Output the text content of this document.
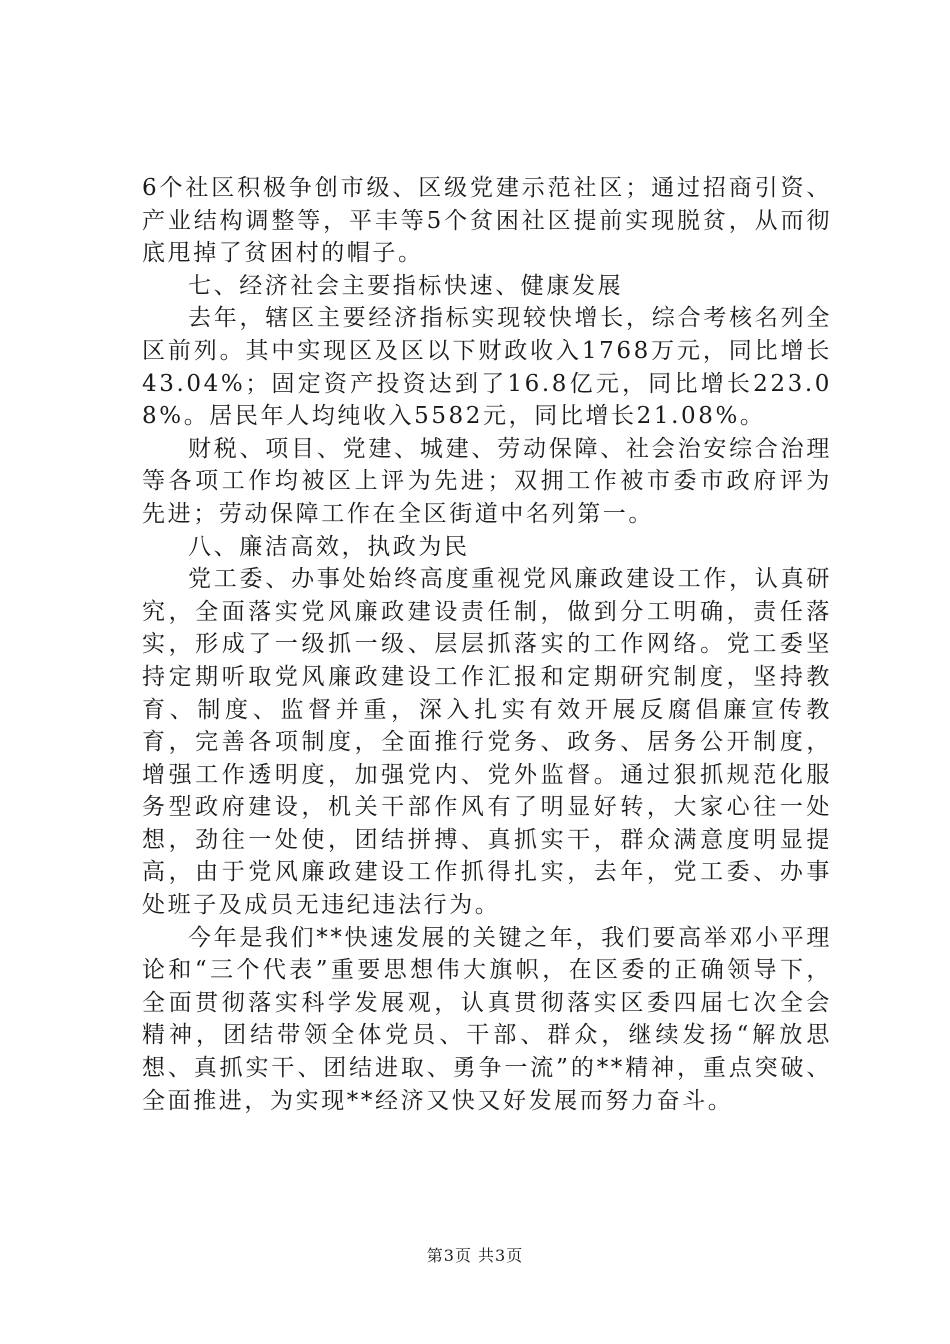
6个社区积极争创市级、区级党建示范社区；通过招商引资、产业结构调整等，平丰等5个贫困社区提前实现脱贫，从而彻底甩掉了贫困村的帽子。

七、经济社会主要指标快速、健康发展

去年，辖区主要经济指标实现较快增长，综合考核名列全区前列。其中实现区及区以下财政收入1768万元，同比增长43.04%；固定资产投资达到了16.8亿元，同比增长223.08%。居民年人均纯收入5582元，同比增长21.08%。

财税、项目、党建、城建、劳动保障、社会治安综合治理等各项工作均被区上评为先进；双拥工作被市委市政府评为先进；劳动保障工作在全区街道中名列第一。

八、廉洁高效，执政为民

党工委、办事处始终高度重视党风廉政建设工作，认真研究，全面落实党风廉政建设责任制，做到分工明确，责任落实，形成了一级抓一级、层层抓落实的工作网络。党工委坚持定期听取党风廉政建设工作汇报和定期研究制度，坚持教育、制度、监督并重，深入扎实有效开展反腐倡廉宣传教育，完善各项制度，全面推行党务、政务、居务公开制度，增强工作透明度，加强党内、党外监督。通过狠抓规范化服务型政府建设，机关干部作风有了明显好转，大家心往一处想，劲往一处使，团结拼搏、真抓实干，群众满意度明显提高，由于党风廉政建设工作抓得扎实，去年，党工委、办事处班子及成员无违纪违法行为。

今年是我们**快速发展的关键之年，我们要高举邓小平理论和“三个代表”重要思想伟大旗帜，在区委的正确领导下，全面贯彻落实科学发展观，认真贯彻落实区委四届七次全会精神，团结带领全体党员、干部、群众，继续发扬“解放思想、真抓实干、团结进取、勇争一流”的**精神，重点突破、全面推进，为实现**经济又快又好发展而努力奋斗。

第3页 共3页
